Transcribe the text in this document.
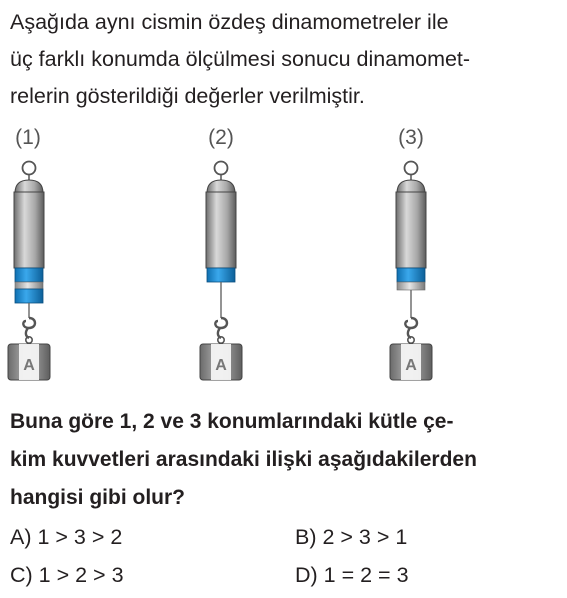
Aşağıda aynı cismin özdeş dinamometreler ile
üç farklı konumda ölçülmesi sonucu dinamomet-
relerin gösterildiği değerler verilmiştir.

(1)	(2)	(3)
A	A	A

Buna göre 1, 2 ve 3 konumlarındaki kütle çe-
kim kuvvetleri arasındaki ilişki aşağıdakilerden
hangisi gibi olur?

A) 1 > 3 > 2	B) 2 > 3 > 1
C) 1 > 2 > 3	D) 1 = 2 = 3
